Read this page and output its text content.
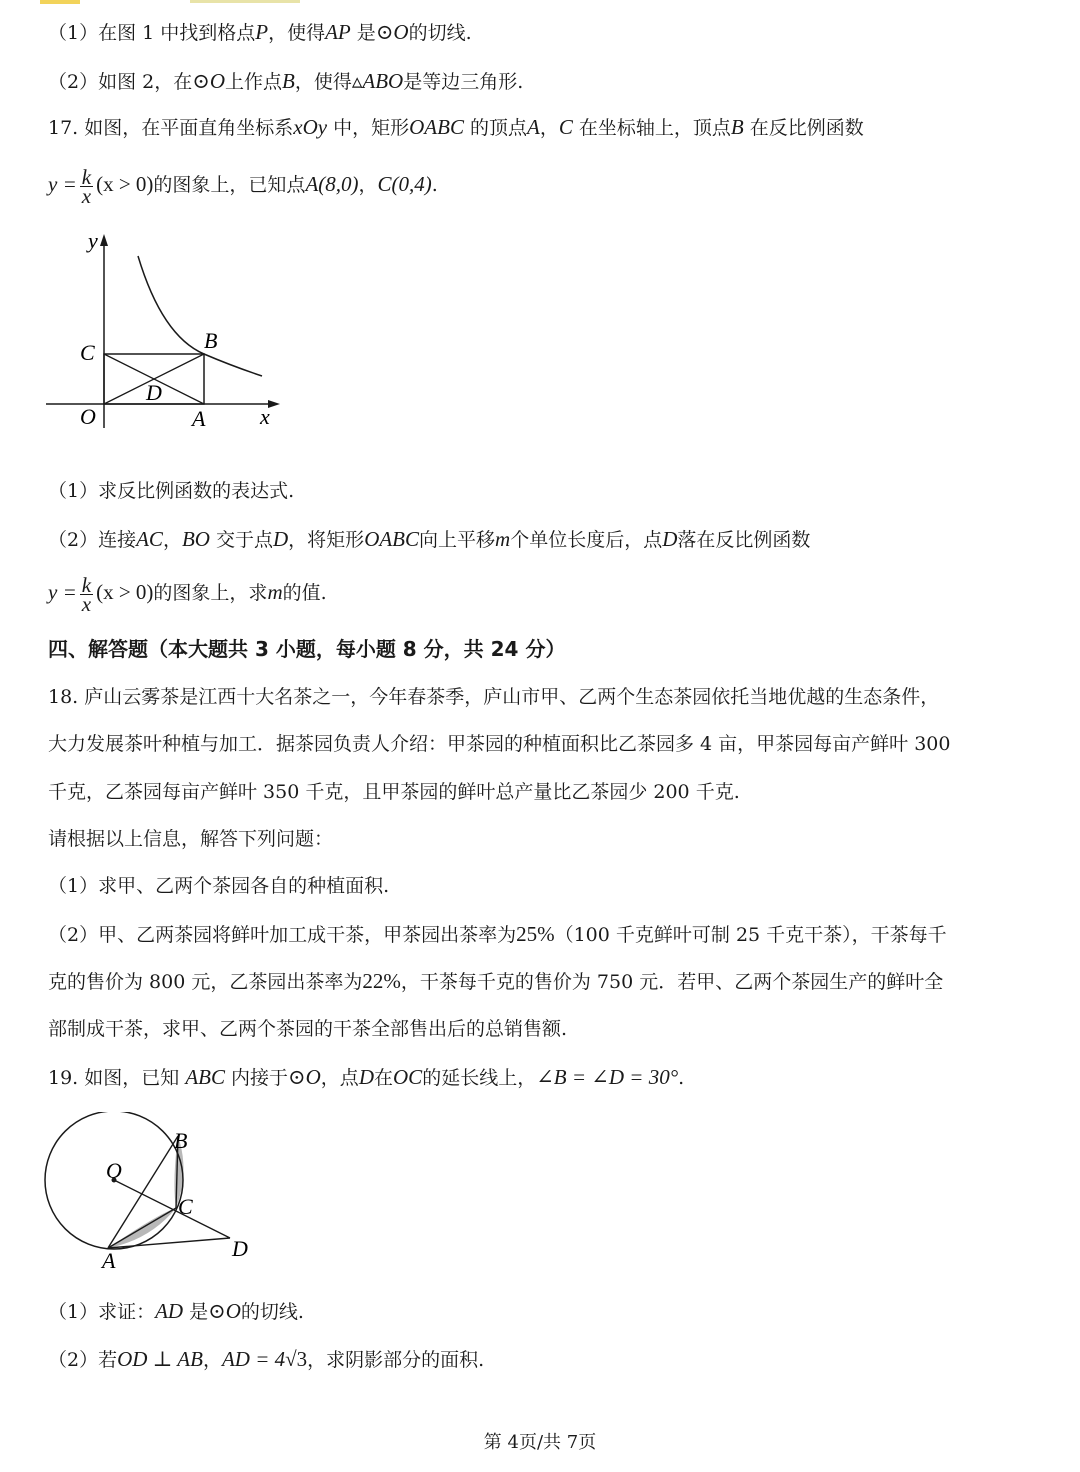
（1）在图 1 中找到格点P，使得AP 是⊙O的切线.
（2）如图 2，在⊙O上作点B，使得▵ABO是等边三角形.
17. 如图，在平面直角坐标系xOy 中，矩形OABC 的顶点A，C 在坐标轴上，顶点B 在反比例函数
$y = \frac{k}{x} (x > 0)$的图象上，已知点A(8,0)，C(0,4).
y
x
O	A
B
C
D
（1）求反比例函数的表达式.
（2）连接AC，BO 交于点D，将矩形OABC向上平移m个单位长度后，点D落在反比例函数
$y = \frac{k}{x} (x > 0)$的图象上，求m的值.
四、解答题（本大题共 3 小题，每小题 8 分，共 24 分）
18. 庐山云雾茶是江西十大名茶之一，今年春茶季，庐山市甲、乙两个生态茶园依托当地优越的生态条件，
大力发展茶叶种植与加工．据茶园负责人介绍：甲茶园的种植面积比乙茶园多 4 亩，甲茶园每亩产鲜叶 300
千克，乙茶园每亩产鲜叶 350 千克，且甲茶园的鲜叶总产量比乙茶园少 200 千克.
请根据以上信息，解答下列问题：
（1）求甲、乙两个茶园各自的种植面积.
（2）甲、乙两茶园将鲜叶加工成干茶，甲茶园出茶率为25%（100 千克鲜叶可制 25 千克干茶），干茶每千
克的售价为 800 元，乙茶园出茶率为22%，干茶每千克的售价为 750 元．若甲、乙两个茶园生产的鲜叶全
部制成干茶，求甲、乙两个茶园的干茶全部售出后的总销售额.
19. 如图，已知 ABC 内接于⊙O，点D在OC的延长线上，∠B = ∠D = 30°.
O
B
C
D
A
（1）求证：AD 是⊙O的切线.
（2）若OD ⊥ AB，AD = 4√3，求阴影部分的面积.
第 4页/共 7页
